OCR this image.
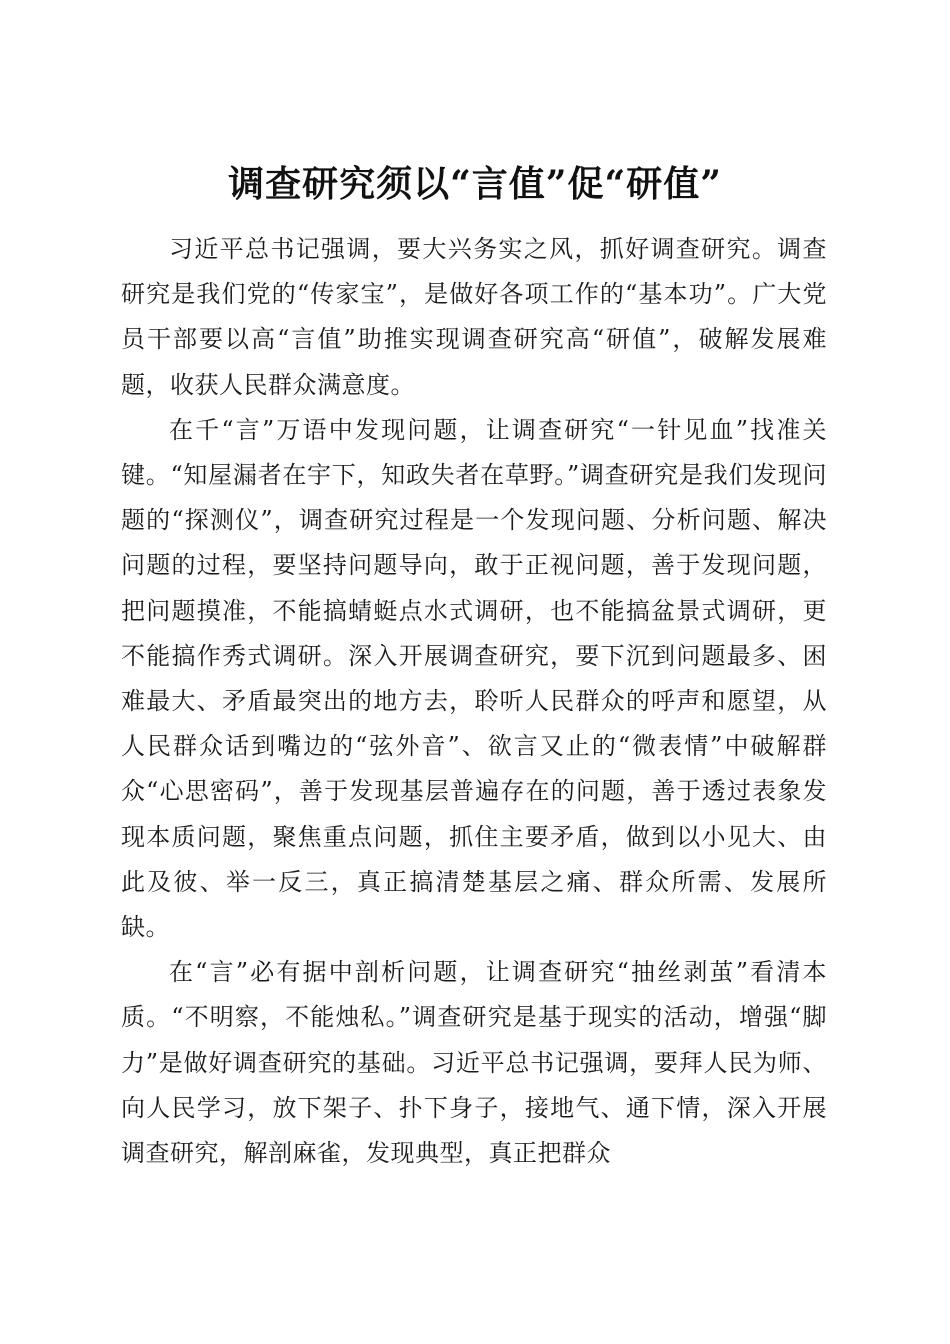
调查研究须以“言值”促“研值”

习近平总书记强调，要大兴务实之风，抓好调查研究。调查研究是我们党的“传家宝”，是做好各项工作的“基本功”。广大党员干部要以高“言值”助推实现调查研究高“研值”，破解发展难题，收获人民群众满意度。

在千“言”万语中发现问题，让调查研究“一针见血”找准关键。“知屋漏者在宇下，知政失者在草野。”调查研究是我们发现问题的“探测仪”，调查研究过程是一个发现问题、分析问题、解决问题的过程，要坚持问题导向，敢于正视问题，善于发现问题，把问题摸准，不能搞蜻蜓点水式调研，也不能搞盆景式调研，更不能搞作秀式调研。深入开展调查研究，要下沉到问题最多、困难最大、矛盾最突出的地方去，聆听人民群众的呼声和愿望，从人民群众话到嘴边的“弦外音”、欲言又止的“微表情”中破解群众“心思密码”，善于发现基层普遍存在的问题，善于透过表象发现本质问题，聚焦重点问题，抓住主要矛盾，做到以小见大、由此及彼、举一反三，真正搞清楚基层之痛、群众所需、发展所缺。

在“言”必有据中剖析问题，让调查研究“抽丝剥茧”看清本质。“不明察，不能烛私。”调查研究是基于现实的活动，增强“脚力”是做好调查研究的基础。习近平总书记强调，要拜人民为师、向人民学习，放下架子、扑下身子，接地气、通下情，深入开展调查研究，解剖麻雀，发现典型，真正把群众
